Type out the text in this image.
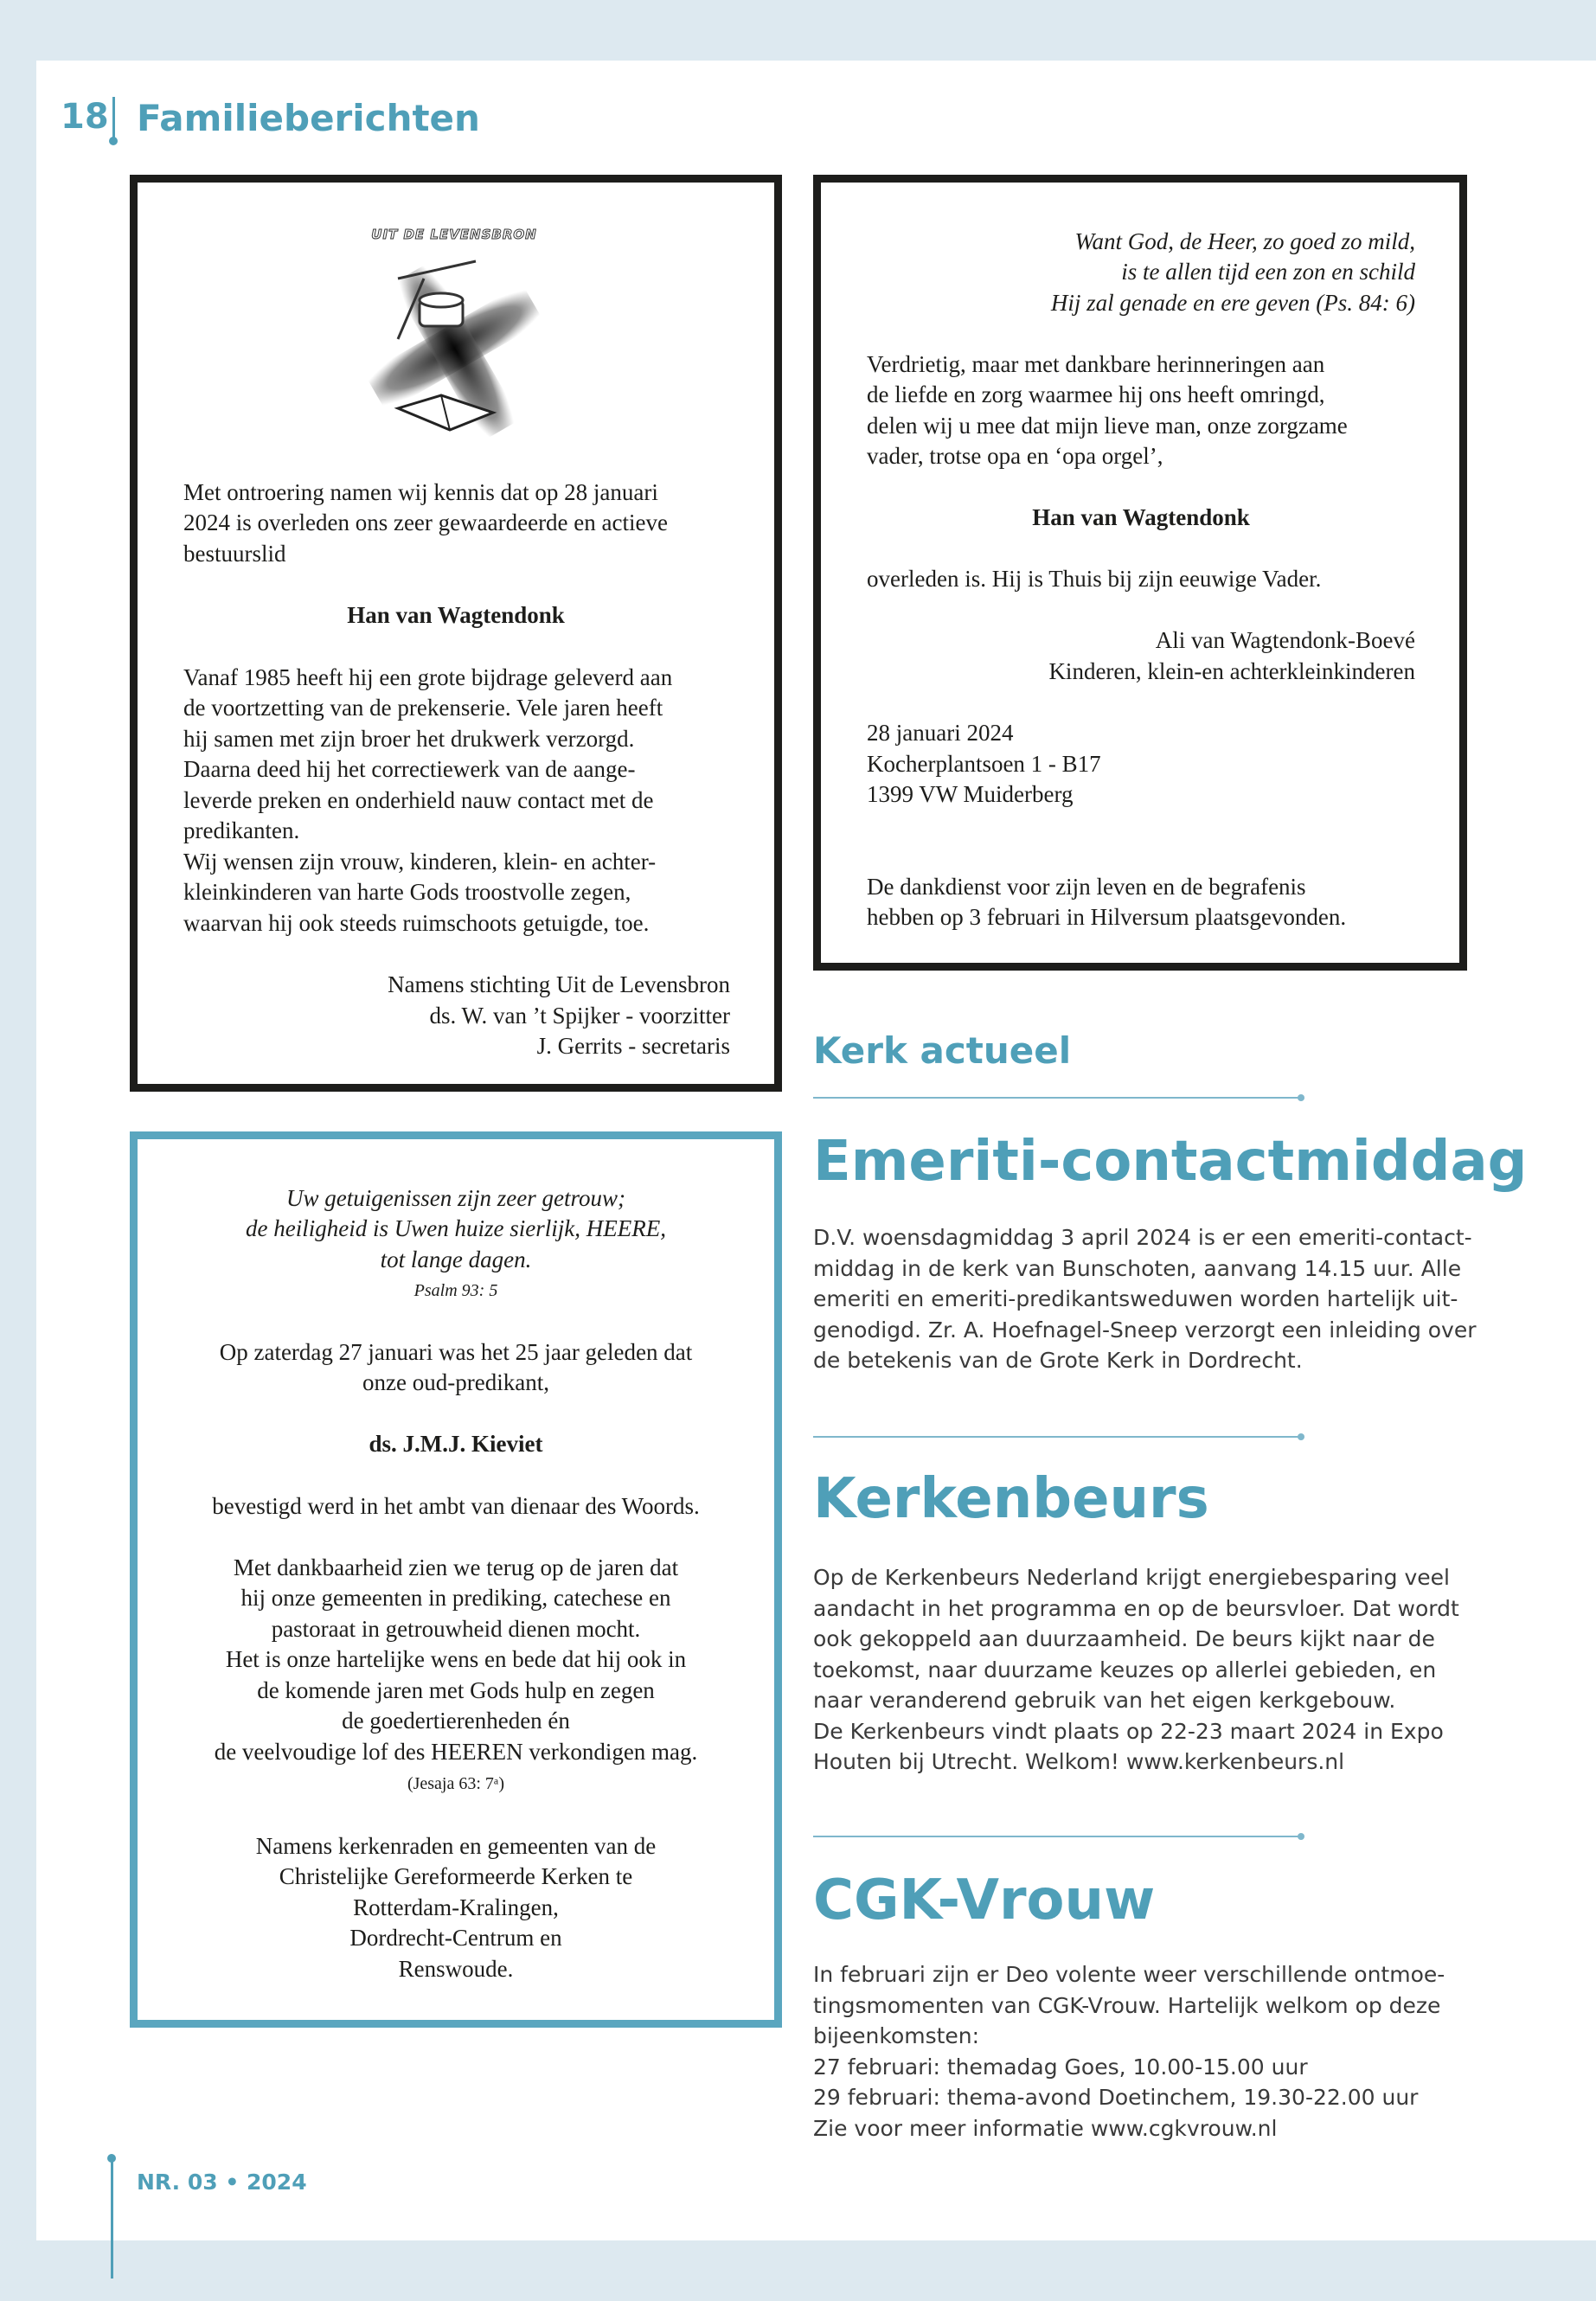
18 Familieberichten
UIT DE LEVENSBRON
Met ontroering namen wij kennis dat op 28 januari
2024 is overleden ons zeer gewaardeerde en actieve
bestuurslid
Han van Wagtendonk
Vanaf 1985 heeft hij een grote bijdrage geleverd aan
de voortzetting van de prekenserie. Vele jaren heeft
hij samen met zijn broer het drukwerk verzorgd.
Daarna deed hij het correctiewerk van de aange-
leverde preken en onderhield nauw contact met de
predikanten.
Wij wensen zijn vrouw, kinderen, klein- en achter-
kleinkinderen van harte Gods troostvolle zegen,
waarvan hij ook steeds ruimschoots getuigde, toe.
Namens stichting Uit de Levensbron
ds. W. van ’t Spijker - voorzitter
J. Gerrits - secretaris
Want God, de Heer, zo goed zo mild,
is te allen tijd een zon en schild
Hij zal genade en ere geven (Ps. 84: 6)
Verdrietig, maar met dankbare herinneringen aan
de liefde en zorg waarmee hij ons heeft omringd,
delen wij u mee dat mijn lieve man, onze zorgzame
vader, trotse opa en ‘opa orgel’,
Han van Wagtendonk
overleden is. Hij is Thuis bij zijn eeuwige Vader.
Ali van Wagtendonk-Boevé
Kinderen, klein-en achterkleinkinderen
28 januari 2024
Kocherplantsoen 1 - B17
1399 VW Muiderberg
De dankdienst voor zijn leven en de begrafenis
hebben op 3 februari in Hilversum plaatsgevonden.
Uw getuigenissen zijn zeer getrouw;
de heiligheid is Uwen huize sierlijk, HEERE,
tot lange dagen.
Psalm 93: 5
Op zaterdag 27 januari was het 25 jaar geleden dat
onze oud-predikant,
ds. J.M.J. Kieviet
bevestigd werd in het ambt van dienaar des Woords.
Met dankbaarheid zien we terug op de jaren dat
hij onze gemeenten in prediking, catechese en
pastoraat in getrouwheid dienen mocht.
Het is onze hartelijke wens en bede dat hij ook in
de komende jaren met Gods hulp en zegen
de goedertierenheden én
de veelvoudige lof des HEEREN verkondigen mag.
(Jesaja 63: 7ᵃ)
Namens kerkenraden en gemeenten van de
Christelijke Gereformeerde Kerken te
Rotterdam-Kralingen,
Dordrecht-Centrum en
Renswoude.
Kerk actueel
Emeriti-contactmiddag
D.V. woensdagmiddag 3 april 2024 is er een emeriti-contact-
middag in de kerk van Bunschoten, aanvang 14.15 uur. Alle
emeriti en emeriti-predikantsweduwen worden hartelijk uit-
genodigd. Zr. A. Hoefnagel-Sneep verzorgt een inleiding over
de betekenis van de Grote Kerk in Dordrecht.
Kerkenbeurs
Op de Kerkenbeurs Nederland krijgt energiebesparing veel
aandacht in het programma en op de beursvloer. Dat wordt
ook gekoppeld aan duurzaamheid. De beurs kijkt naar de
toekomst, naar duurzame keuzes op allerlei gebieden, en
naar veranderend gebruik van het eigen kerkgebouw.
De Kerkenbeurs vindt plaats op 22-23 maart 2024 in Expo
Houten bij Utrecht. Welkom! www.kerkenbeurs.nl
CGK-Vrouw
In februari zijn er Deo volente weer verschillende ontmoe-
tingsmomenten van CGK-Vrouw. Hartelijk welkom op deze
bijeenkomsten:
27 februari: themadag Goes, 10.00-15.00 uur
29 februari: thema-avond Doetinchem, 19.30-22.00 uur
Zie voor meer informatie www.cgkvrouw.nl
NR. 03 • 2024
